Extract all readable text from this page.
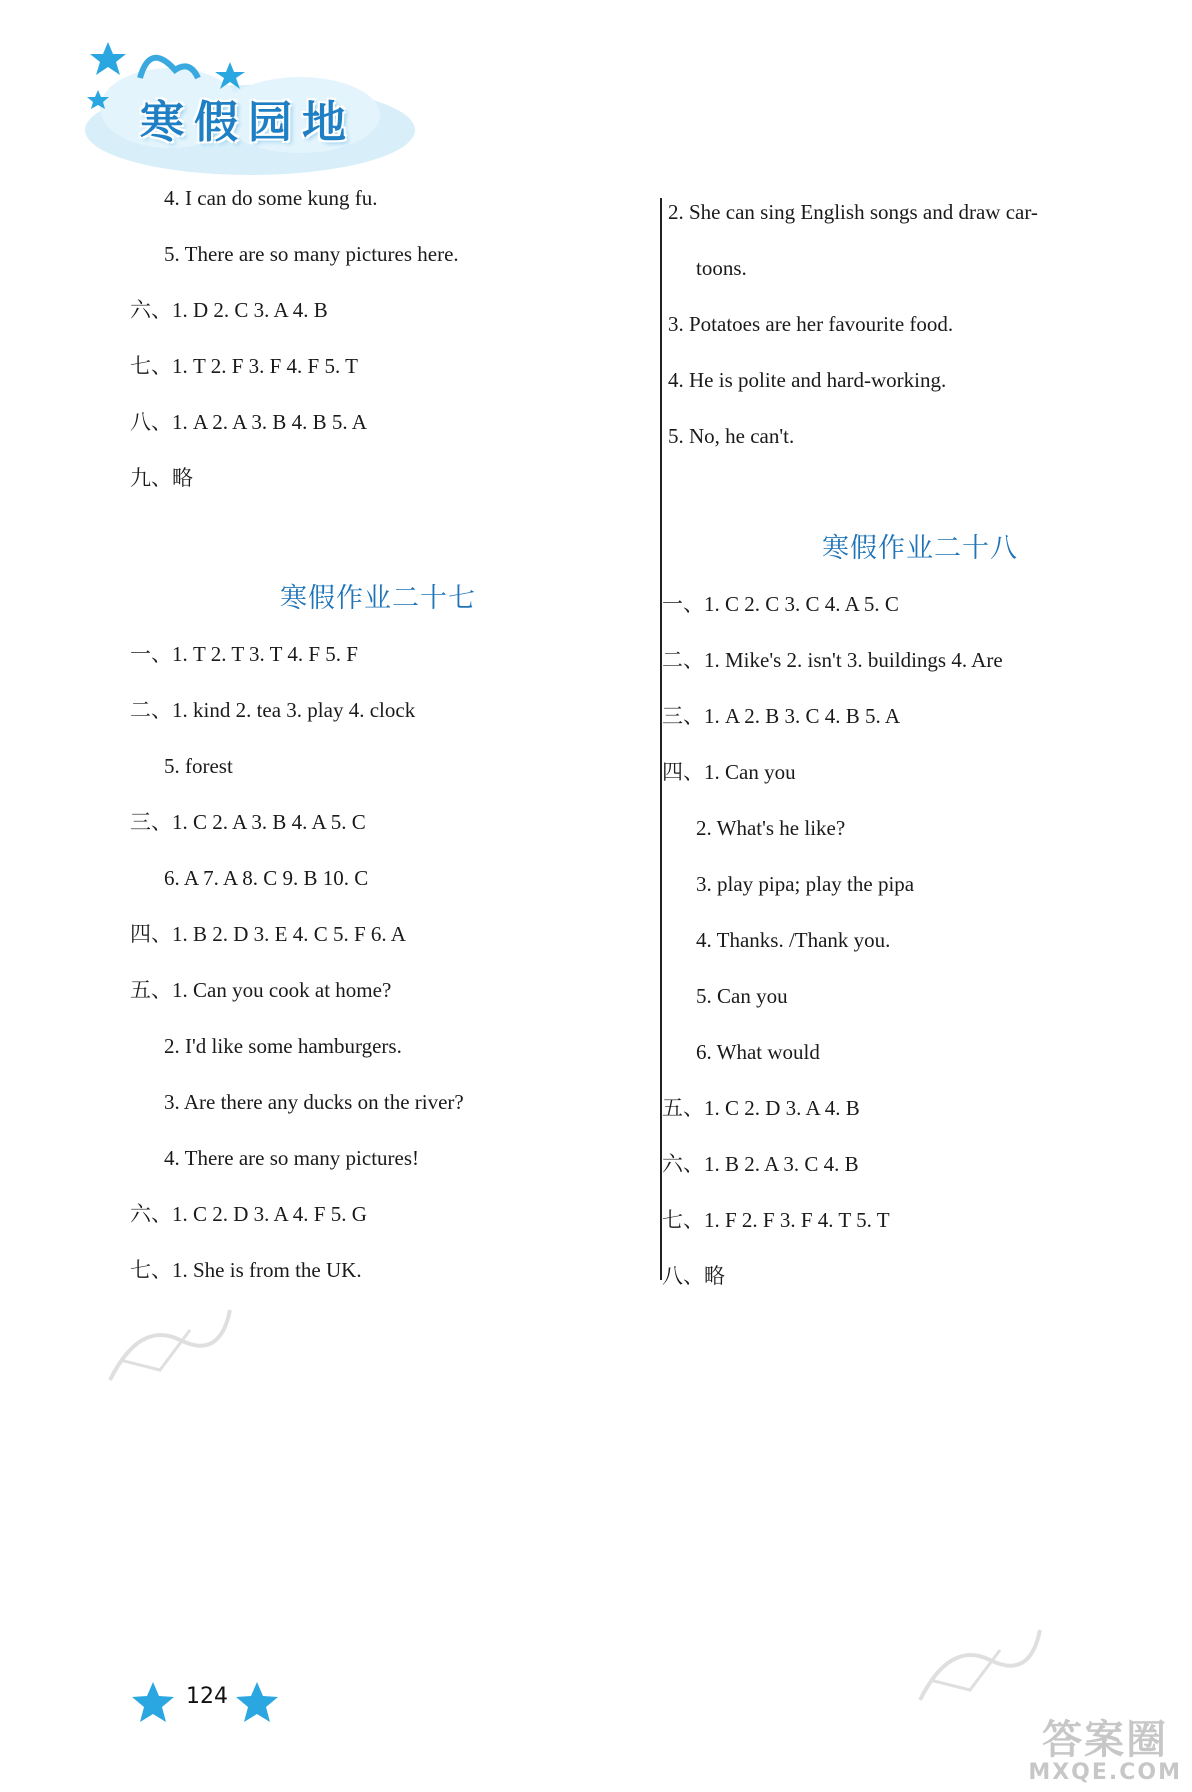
寒假园地
4. I can do some kung fu.
5. There are so many pictures here.
六、1. D 2. C 3. A 4. B
七、1. T 2. F 3. F 4. F 5. T
八、1. A 2. A 3. B 4. B 5. A
九、略
寒假作业二十七
一、1. T 2. T 3. T 4. F 5. F
二、1. kind 2. tea 3. play 4. clock
5. forest
三、1. C 2. A 3. B 4. A 5. C
6. A 7. A 8. C 9. B 10. C
四、1. B 2. D 3. E 4. C 5. F 6. A
五、1. Can you cook at home?
2. I'd like some hamburgers.
3. Are there any ducks on the river?
4. There are so many pictures!
六、1. C 2. D 3. A 4. F 5. G
七、1. She is from the UK.
2. She can sing English songs and draw car-
toons.
3. Potatoes are her favourite food.
4. He is polite and hard-working.
5. No, he can't.
寒假作业二十八
一、1. C 2. C 3. C 4. A 5. C
二、1. Mike's 2. isn't 3. buildings 4. Are
三、1. A 2. B 3. C 4. B 5. A
四、1. Can you
2. What's he like?
3. play pipa; play the pipa
4. Thanks. /Thank you.
5. Can you
6. What would
五、1. C 2. D 3. A 4. B
六、1. B 2. A 3. C 4. B
七、1. F 2. F 3. F 4. T 5. T
八、略
124
答案圈
MXQE.COM
